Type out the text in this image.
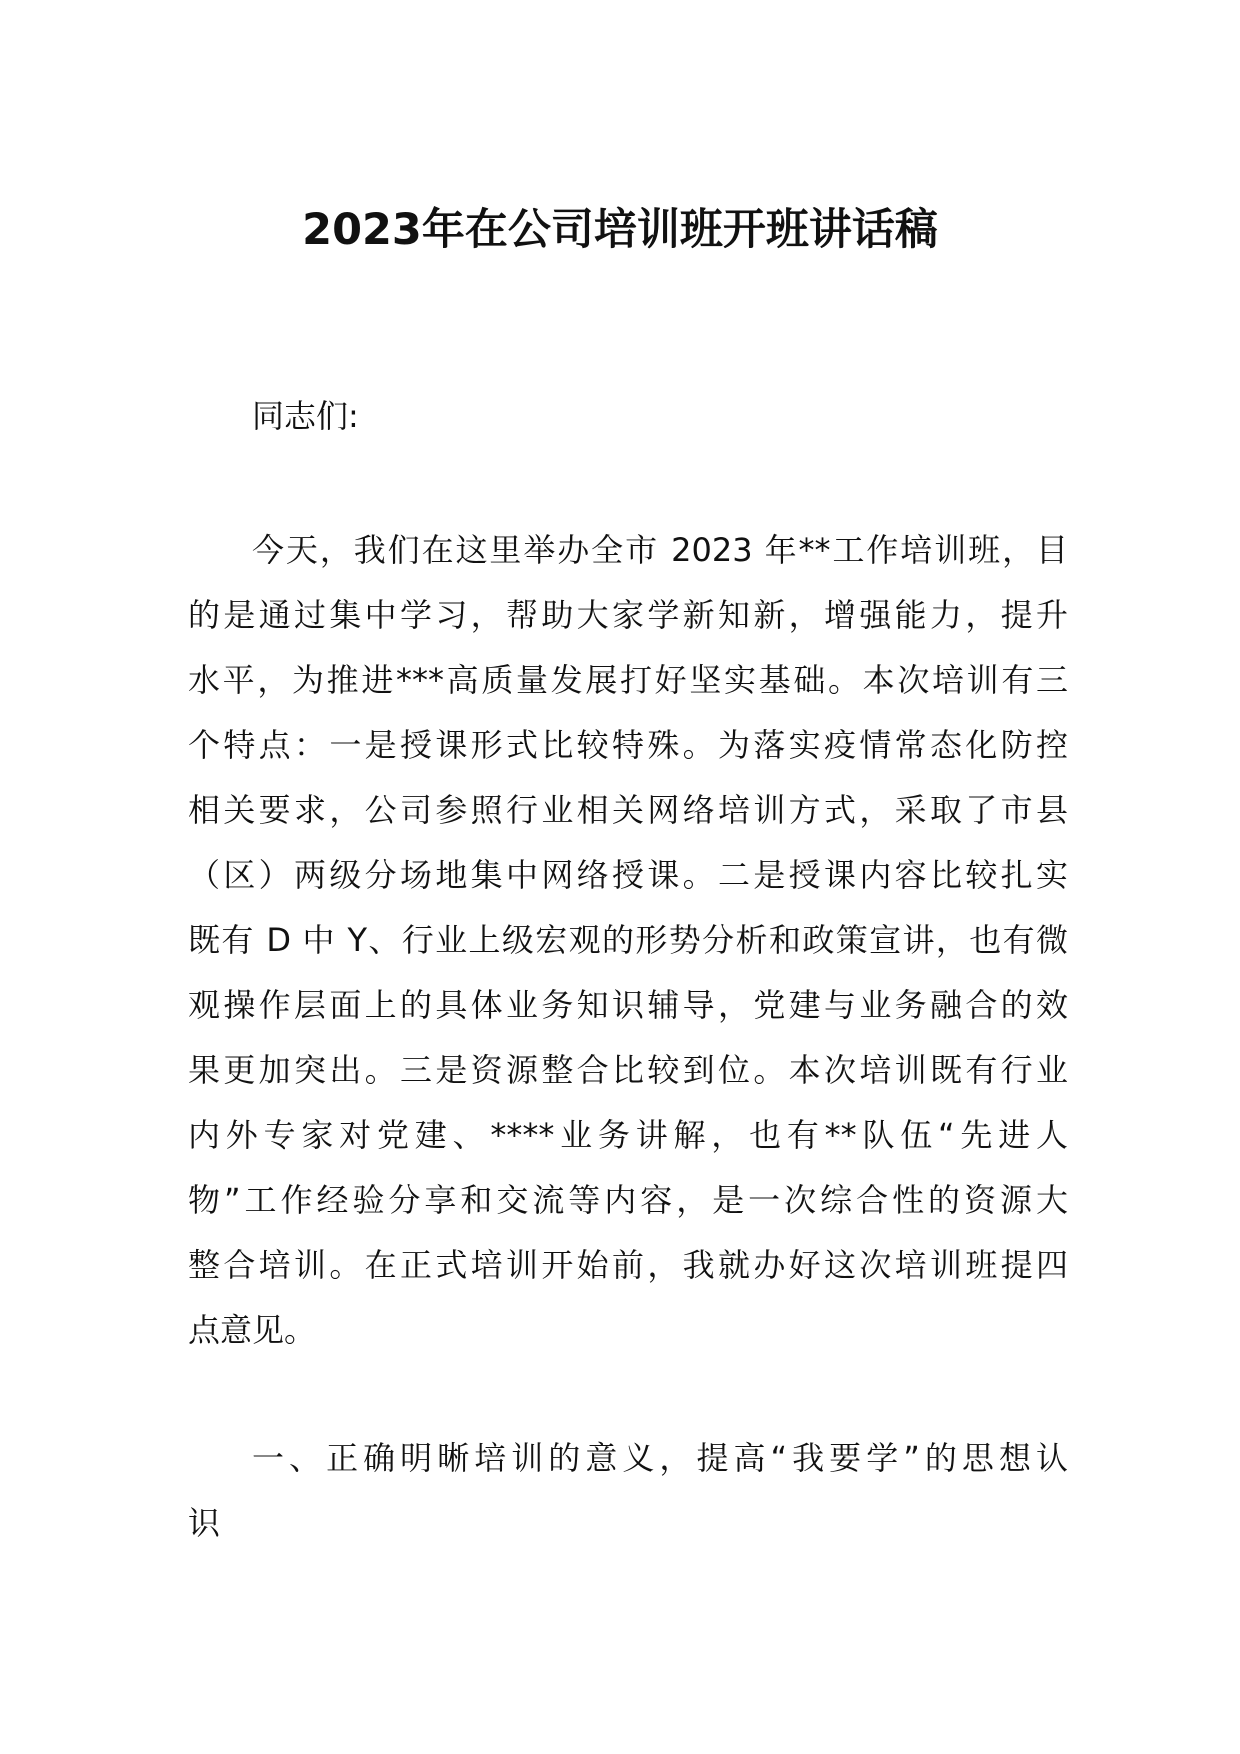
2023年在公司培训班开班讲话稿

同志们:

今天，我们在这里举办全市 2023 年**工作培训班，目
的是通过集中学习，帮助大家学新知新，增强能力，提升
水平，为推进***高质量发展打好坚实基础。本次培训有三
个特点：一是授课形式比较特殊。为落实疫情常态化防控
相关要求，公司参照行业相关网络培训方式，采取了市县
（区）两级分场地集中网络授课。二是授课内容比较扎实
既有 D 中 Y、行业上级宏观的形势分析和政策宣讲，也有微
观操作层面上的具体业务知识辅导，党建与业务融合的效
果更加突出。三是资源整合比较到位。本次培训既有行业
内外专家对党建、****业务讲解，也有**队伍“先进人
物”工作经验分享和交流等内容，是一次综合性的资源大
整合培训。在正式培训开始前，我就办好这次培训班提四
点意见。
一、正确明晰培训的意义，提高“我要学”的思想认
识
